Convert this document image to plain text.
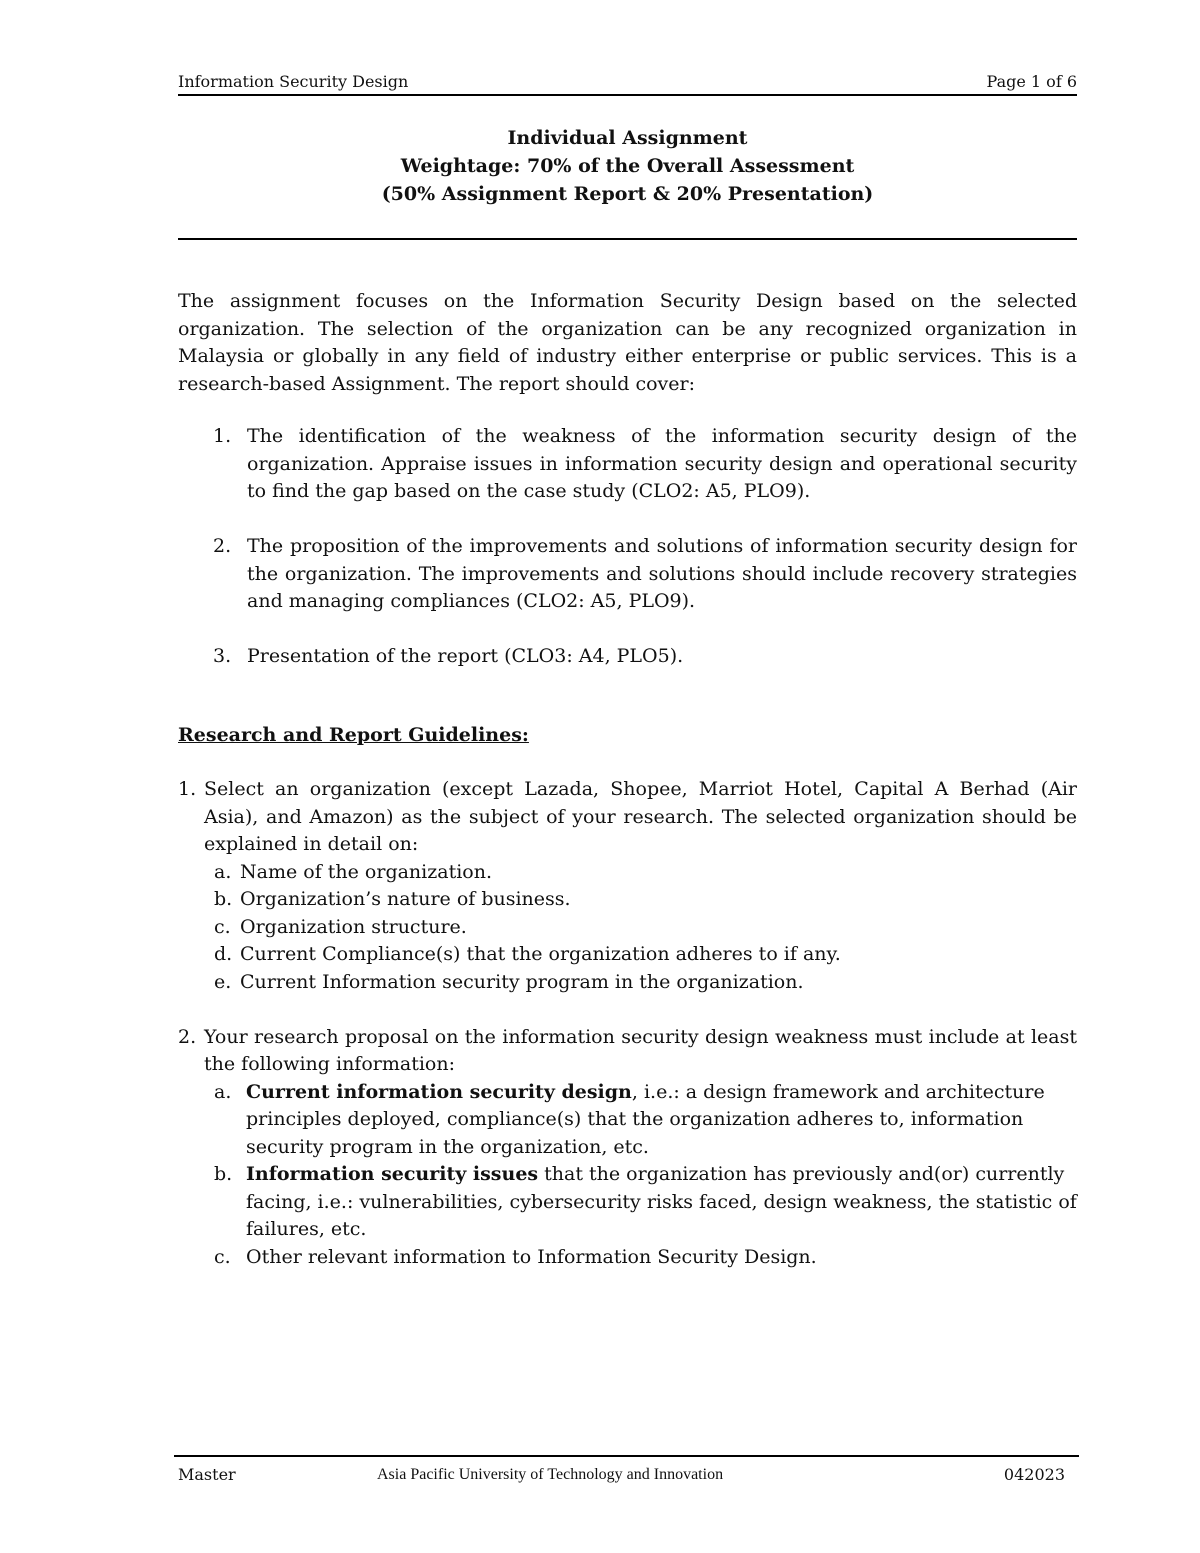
Information Security Design	Page 1 of 6
Individual Assignment
Weightage: 70% of the Overall Assessment
(50% Assignment Report & 20% Presentation)
The assignment focuses on the Information Security Design based on the selected organization. The selection of the organization can be any recognized organization in Malaysia or globally in any field of industry either enterprise or public services. This is a research-based Assignment. The report should cover:
1. The identification of the weakness of the information security design of the organization. Appraise issues in information security design and operational security to find the gap based on the case study (CLO2: A5, PLO9).
2. The proposition of the improvements and solutions of information security design for the organization. The improvements and solutions should include recovery strategies and managing compliances (CLO2: A5, PLO9).
3. Presentation of the report (CLO3: A4, PLO5).
Research and Report Guidelines:
1. Select an organization (except Lazada, Shopee, Marriot Hotel, Capital A Berhad (Air Asia), and Amazon) as the subject of your research. The selected organization should be explained in detail on:
a. Name of the organization.
b. Organization’s nature of business.
c. Organization structure.
d. Current Compliance(s) that the organization adheres to if any.
e. Current Information security program in the organization.
2. Your research proposal on the information security design weakness must include at least the following information:
a. Current information security design, i.e.: a design framework and architecture principles deployed, compliance(s) that the organization adheres to, information security program in the organization, etc.
b. Information security issues that the organization has previously and(or) currently facing, i.e.: vulnerabilities, cybersecurity risks faced, design weakness, the statistic of failures, etc.
c. Other relevant information to Information Security Design.
Master	Asia Pacific University of Technology and Innovation	042023
